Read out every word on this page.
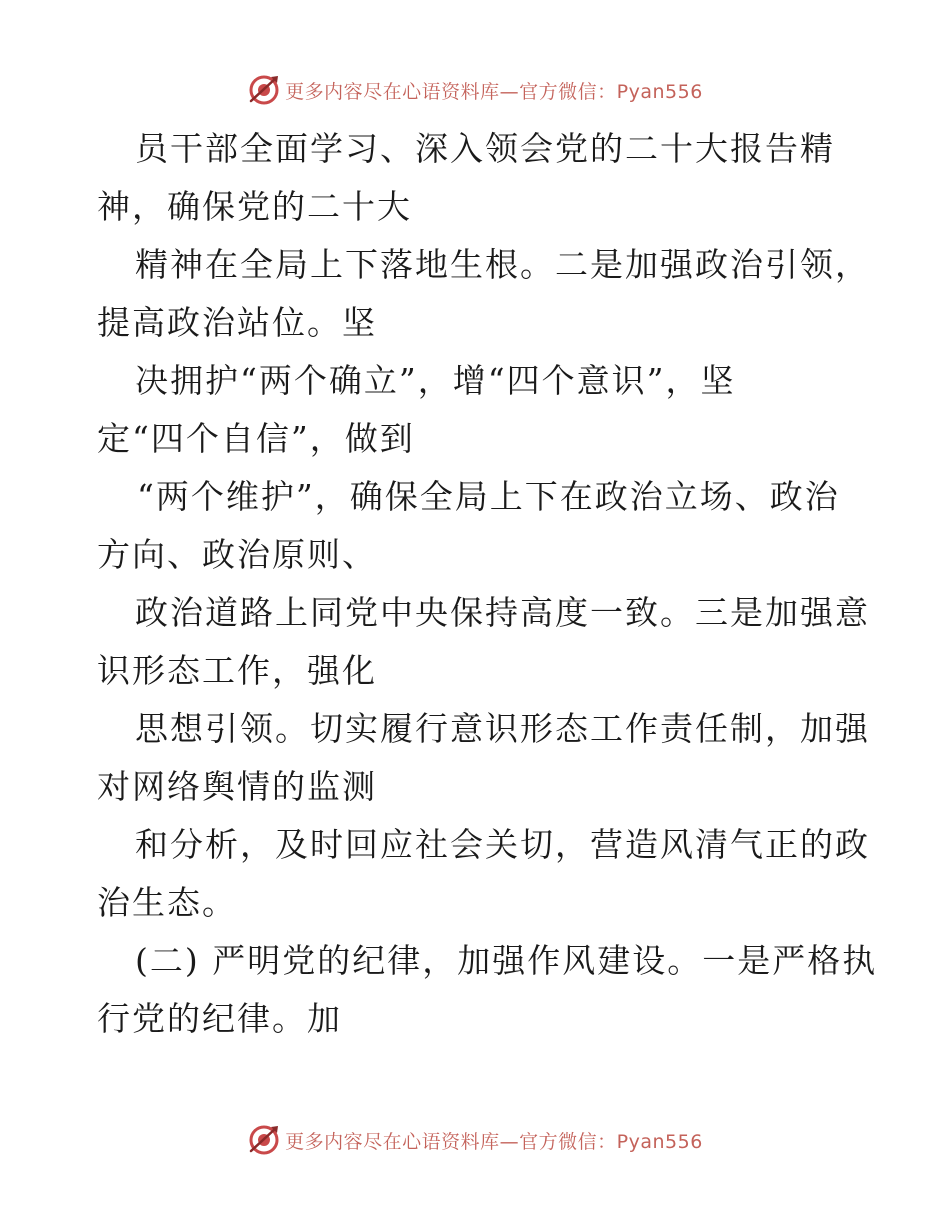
更多内容尽在心语资料库—官方微信：Pyan556
员干部全面学习、深入领会党的二十大报告精
神，确保党的二十大
精神在全局上下落地生根。二是加强政治引领，
提高政治站位。坚
决拥护“两个确立”，增“四个意识”，坚
定“四个自信”，做到
“两个维护”，确保全局上下在政治立场、政治
方向、政治原则、
政治道路上同党中央保持高度一致。三是加强意
识形态工作，强化
思想引领。切实履行意识形态工作责任制，加强
对网络舆情的监测
和分析，及时回应社会关切，营造风清气正的政
治生态。
(二) 严明党的纪律，加强作风建设。一是严格执
行党的纪律。加
更多内容尽在心语资料库—官方微信：Pyan556
